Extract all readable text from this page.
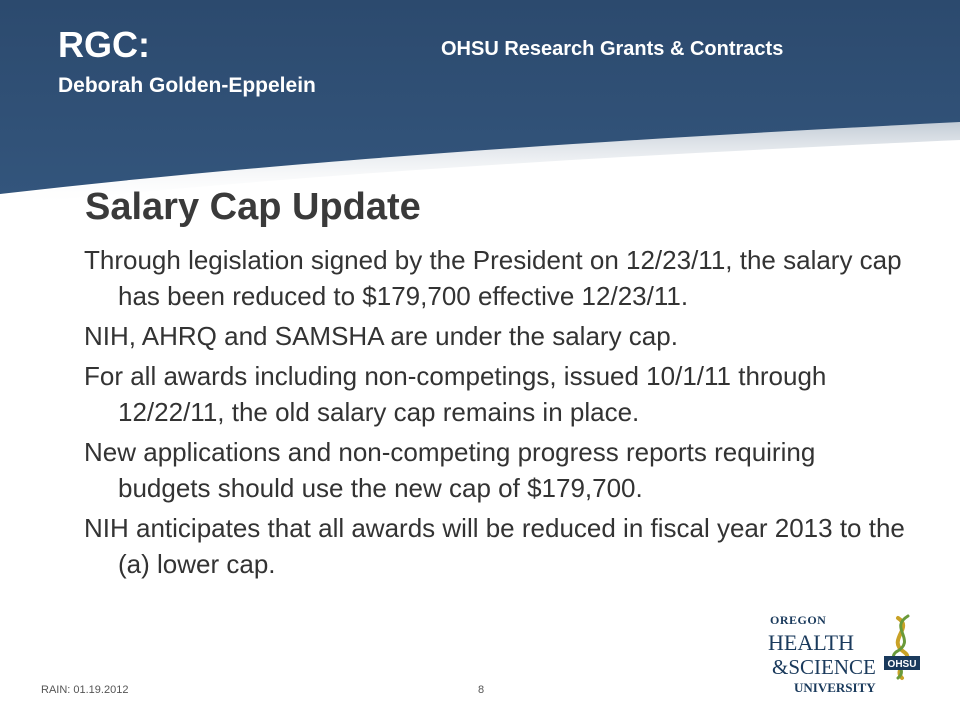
RGC:	OHSU Research Grants & Contracts
Deborah Golden-Eppelein
Salary Cap Update

Through legislation signed by the President on 12/23/11, the salary cap has been reduced to $179,700 effective 12/23/11.

NIH, AHRQ and SAMSHA are under the salary cap.

For all awards including non-competings, issued 10/1/11 through 12/22/11, the old salary cap remains in place.

New applications and non-competing progress reports requiring budgets should use the new cap of $179,700.

NIH anticipates that all awards will be reduced in fiscal year 2013 to the (a) lower cap.

RAIN: 01.19.2012	8
OREGON
HEALTH
&SCIENCE
UNIVERSITY
OHSU
